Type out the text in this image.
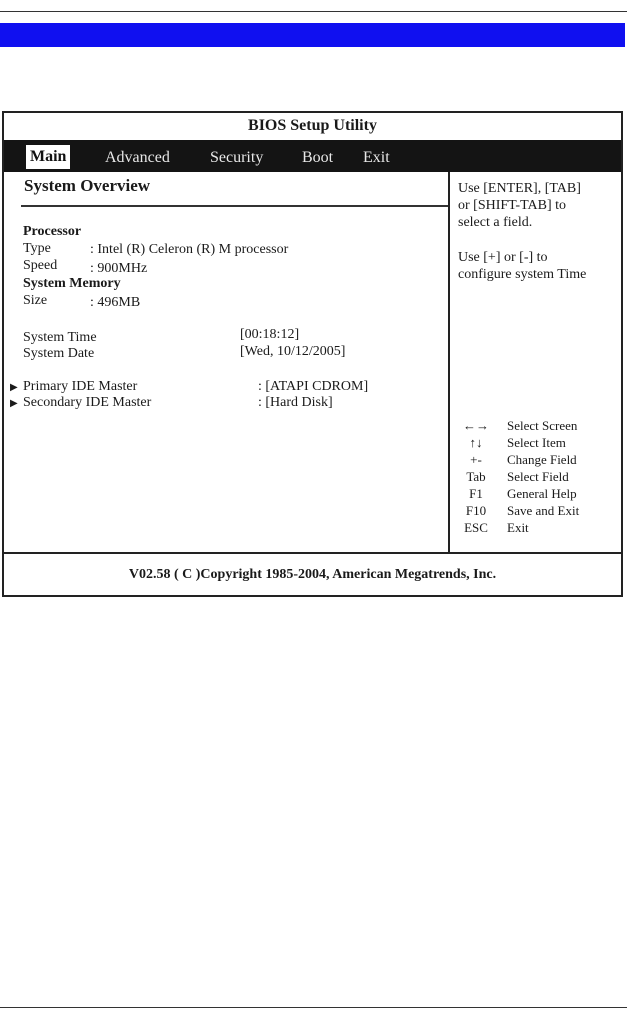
BIOS Setup Utility
Main Advanced	Security Boot Exit
System Overview
Processor
Type	: Intel (R) Celeron (R) M processor
Speed : 900MHz
System Memory
Size	: 496MB
System Time	[00:18:12]
System Date	[Wed, 10/12/2005]
▶ Primary IDE Master	: [ATAPI CDROM]
▶ Secondary IDE Master	: [Hard Disk]
Use [ENTER], [TAB]
or [SHIFT-TAB] to
select a field.
Use [+] or [-] to
configure system Time
←→	Select Screen
↑↓	Select Item
+-	Change Field
Tab	Select Field
F1	General Help
F10	Save and Exit
ESC	Exit
V02.58 ( C )Copyright 1985-2004, American Megatrends, Inc.
